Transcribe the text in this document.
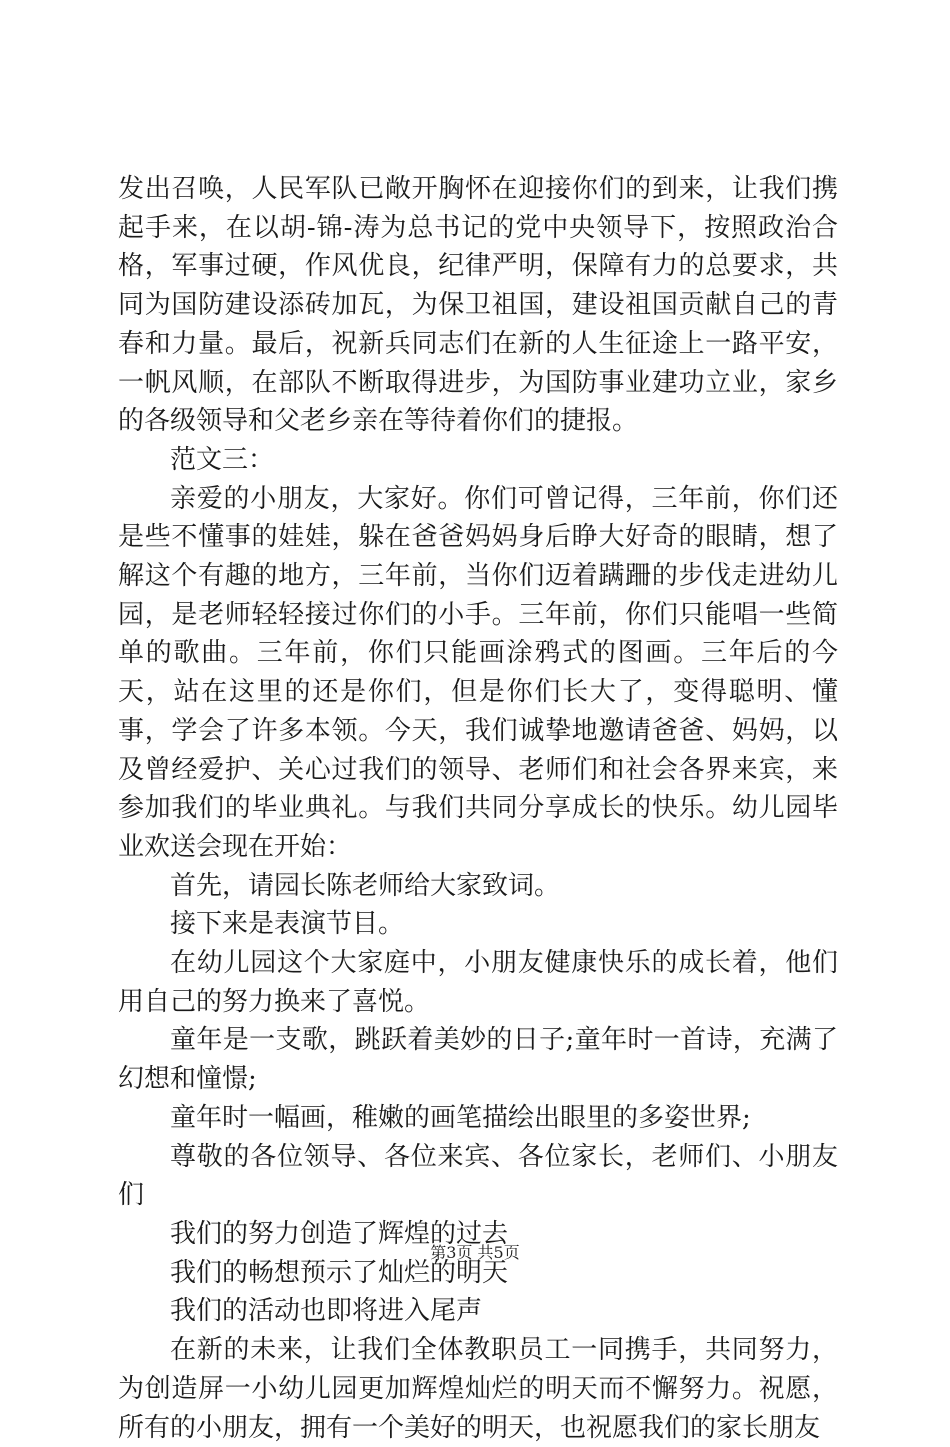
发出召唤，人民军队已敞开胸怀在迎接你们的到来，让我们携起手来，在以胡-锦-涛为总书记的党中央领导下，按照政治合格，军事过硬，作风优良，纪律严明，保障有力的总要求，共同为国防建设添砖加瓦，为保卫祖国，建设祖国贡献自己的青春和力量。最后，祝新兵同志们在新的人生征途上一路平安，一帆风顺，在部队不断取得进步，为国防事业建功立业，家乡的各级领导和父老乡亲在等待着你们的捷报。

范文三：

亲爱的小朋友，大家好。你们可曾记得，三年前，你们还是些不懂事的娃娃，躲在爸爸妈妈身后睁大好奇的眼睛，想了解这个有趣的地方，三年前，当你们迈着蹒跚的步伐走进幼儿园，是老师轻轻接过你们的小手。三年前，你们只能唱一些简单的歌曲。三年前，你们只能画涂鸦式的图画。三年后的今天，站在这里的还是你们，但是你们长大了，变得聪明、懂事，学会了许多本领。今天，我们诚挚地邀请爸爸、妈妈，以及曾经爱护、关心过我们的领导、老师们和社会各界来宾，来参加我们的毕业典礼。与我们共同分享成长的快乐。幼儿园毕业欢送会现在开始：

首先，请园长陈老师给大家致词。

接下来是表演节目。

在幼儿园这个大家庭中，小朋友健康快乐的成长着，他们用自己的努力换来了喜悦。

童年是一支歌，跳跃着美妙的日子;童年时一首诗，充满了幻想和憧憬;

童年时一幅画，稚嫩的画笔描绘出眼里的多姿世界;

尊敬的各位领导、各位来宾、各位家长，老师们、小朋友们

我们的努力创造了辉煌的过去

我们的畅想预示了灿烂的明天

我们的活动也即将进入尾声

在新的未来，让我们全体教职员工一同携手，共同努力，为创造屏一小幼儿园更加辉煌灿烂的明天而不懈努力。祝愿，所有的小朋友，拥有一个美好的明天，也祝愿我们的家长朋友

第3页 共5页
